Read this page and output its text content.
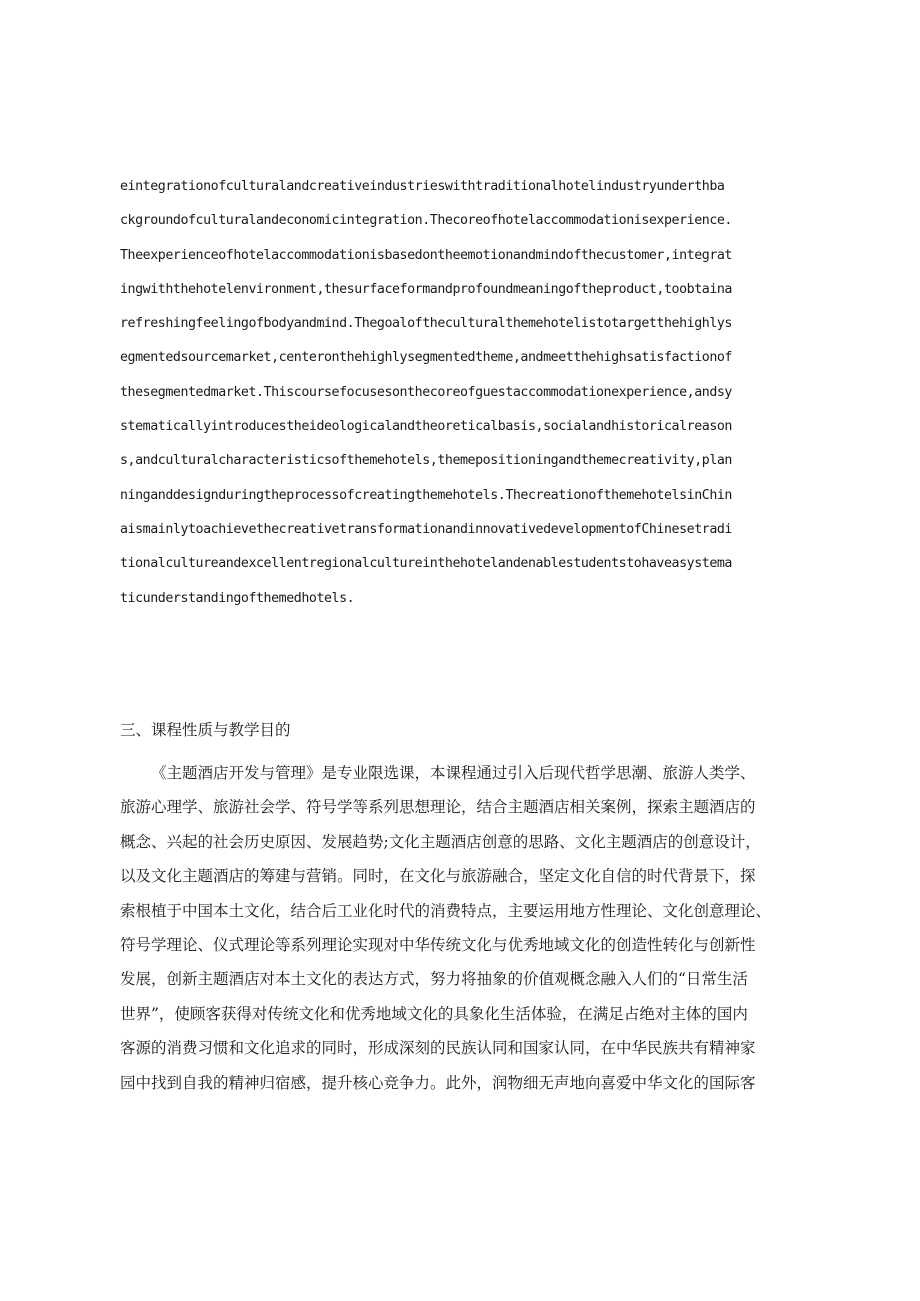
eintegrationofculturalandcreativeindustrieswithtraditionalhotelindustryunderthba
ckgroundofculturalandeconomicintegration.Thecoreofhotelaccommodationisexperience.
Theexperienceofhotelaccommodationisbasedontheemotionandmindofthecustomer,integrat
ingwiththehotelenvironment,thesurfaceformandprofoundmeaningoftheproduct,toobtaina
refreshingfeelingofbodyandmind.Thegoaloftheculturalthemehotelistotargetthehighlys
egmentedsourcemarket,centeronthehighlysegmentedtheme,andmeetthehighsatisfactionof
thesegmentedmarket.Thiscoursefocusesonthecoreofguestaccommodationexperience,andsy
stematicallyintroducestheideologicalandtheoreticalbasis,socialandhistoricalreason
s,andculturalcharacteristicsofthemehotels,themepositioningandthemecreativity,plan
ninganddesignduringtheprocessofcreatingthemehotels.ThecreationofthemehotelsinChin
aismainlytoachievethecreativetransformationandinnovativedevelopmentofChinesetradi
tionalcultureandexcellentregionalcultureinthehotelandenablestudentstohaveasystema
ticunderstandingofthemedhotels.
三、课程性质与教学目的
《主题酒店开发与管理》是专业限选课，本课程通过引入后现代哲学思潮、旅游人类学、
旅游心理学、旅游社会学、符号学等系列思想理论，结合主题酒店相关案例，探索主题酒店的
概念、兴起的社会历史原因、发展趋势;文化主题酒店创意的思路、文化主题酒店的创意设计，
以及文化主题酒店的筹建与营销。同时，在文化与旅游融合，坚定文化自信的时代背景下，探
索根植于中国本土文化，结合后工业化时代的消费特点，主要运用地方性理论、文化创意理论、
符号学理论、仪式理论等系列理论实现对中华传统文化与优秀地域文化的创造性转化与创新性
发展，创新主题酒店对本土文化的表达方式，努力将抽象的价值观概念融入人们的“日常生活
世界”，使顾客获得对传统文化和优秀地域文化的具象化生活体验，在满足占绝对主体的国内
客源的消费习惯和文化追求的同时，形成深刻的民族认同和国家认同，在中华民族共有精神家
园中找到自我的精神归宿感，提升核心竞争力。此外，润物细无声地向喜爱中华文化的国际客
